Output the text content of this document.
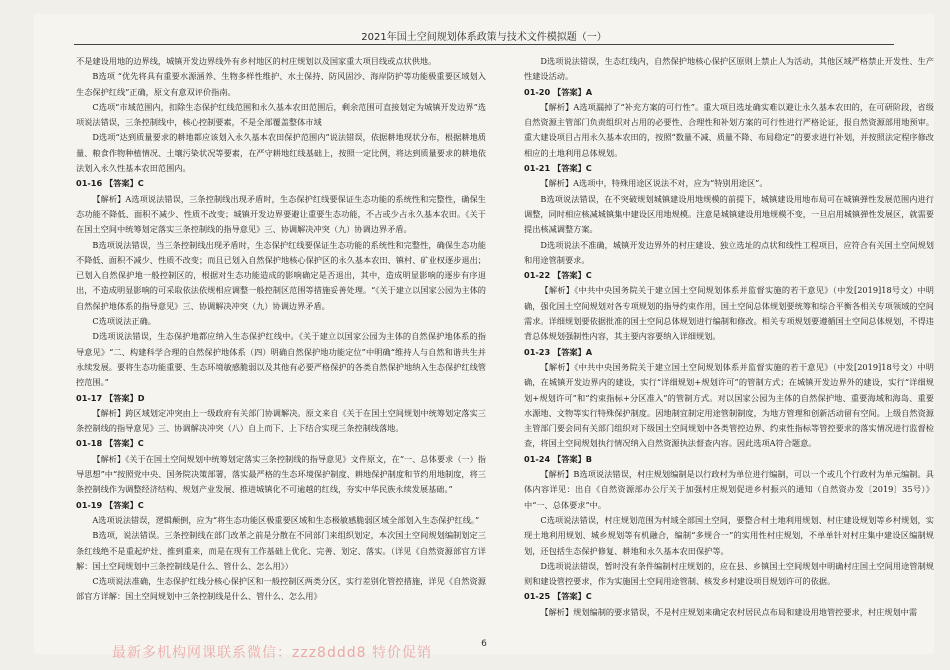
2021年国土空间规划体系政策与技术文件模拟题（一）

不是建设用地的边界线，城镇开发边界线外有乡村地区的村庄规划以及国家重大项目线或点状供地。

B选项 “优先将具有重要水源涵养、生物多样性维护、水土保持、防风固沙、海岸防护等功能极重要区域划入生态保护红线”正确，原文有意双评价指南。

C选项“市域范围内，扣除生态保护红线范围和永久基本农田范围后，剩余范围可直接划定为城镇开发边界”选项说法错误，三条控制线中，核心控制要素，不是全部覆盖整体市域

D选项“达到质量要求的耕地都应该划入永久基本农田保护范围内”说法错误，依据耕地现状分布，根据耕地质量、粮食作物种植情况、土壤污染状况等要素，在严守耕地红线基础上，按照一定比例，将达到质量要求的耕地依法划入永久性基本农田范围内。

01-16 【答案】C

【解析】A选项说法错误，三条控制线出现矛盾时，生态保护红线要保证生态功能的系统性和完整性，确保生态功能不降低、面积不减少、性质不改变；城镇开发边界要避让重要生态功能，不占或少占永久基本农田。《关于在国土空间中统筹划定落实三条控制线的指导意见》三、协调解决冲突（九）协调边界矛盾。

B选项说法错误，当三条控制线出现矛盾时，生态保护红线要保证生态功能的系统性和完整性，确保生态功能不降低、面积不减少、性质不改变；而且已划入自然保护地核心保护区的永久基本农田、镇村、矿业权逐步退出；已划入自然保护地一般控制区的，根据对生态功能造成的影响确定是否退出，其中，造成明显影响的逐步有序退出，不造成明显影响的可采取依法依规相应调整一般控制区范围等措施妥善处理。“《关于建立以国家公园为主体的自然保护地体系的指导意见》三、协调解决冲突（九）协调边界矛盾。

C选项说法正确。

D选项说法错误，生态保护地都应纳入生态保护红线中。《关于建立以国家公园为主体的自然保护地体系的指导意见》“二、构建科学合理的自然保护地体系（四）明确自然保护地功能定位”中明确“维持人与自然和谐共生并永续发展。要将生态功能重要、生态环境敏感脆弱以及其他有必要严格保护的各类自然保护地纳入生态保护红线管控范围。”

01-17 【答案】D

【解析】跨区域划定冲突由上一级政府有关部门协调解决。原文来自《关于在国土空间规划中统筹划定落实三条控制线的指导意见》三、协调解决冲突（八）自上而下、上下结合实现三条控制线落地。

01-18 【答案】C

【解析】《关于在国土空间规划中统筹划定落实三条控制线的指导意见》文件原文，在“一、总体要求（一）指导思想”中“按照党中央、国务院决策部署，落实最严格的生态环境保护制度、耕地保护制度和节约用地制度，将三条控制线作为调整经济结构、规划产业发展、推进城镇化不可逾越的红线，夯实中华民族永续发展基础。”

01-19 【答案】C

A选项说法错误，逻辑颠倒，应为“将生态功能区极重要区域和生态极敏感脆弱区域全部划入生态保护红线。”

B选项，说法错误。三条控制线在部门改革之前是分散在不同部门来组织划定，本次国土空间规划编制划定三条红线绝不是重起炉灶、推到重来，而是在现有工作基础上优化、完善、划定、落实。（详见《自然资源部官方详解：国土空间规划中三条控制线是什么、管什么、怎么用》）

C选项说法准确，生态保护红线分核心保护区和一般控制区两类分区，实行差别化管控措施，详见《自然资源部官方详解：国土空间规划中三条控制线是什么、管什么、怎么用》

D选项说法错误，生态红线内，自然保护地核心保护区原则上禁止人为活动，其他区域严格禁止开发性、生产性建设活动。

01-20 【答案】A

【解析】A选项漏掉了“补充方案的可行性”。重大项目选址确实难以避让永久基本农田的，在可研阶段，省级自然资源主管部门负责组织对占用的必要性、合理性和补划方案的可行性进行严格论证，报自然资源部用地预审。重大建设项目占用永久基本农田的，按照“数量不减、质量不降、布局稳定”的要求进行补划，并按照法定程序修改相应的土地利用总体规划。

01-21 【答案】C

【解析】A选项中，特殊用途区说法不对，应为“特别用途区”。

B选项说法错误，在不突破规划城镇建设用地规模的前提下，城镇建设用地布局可在城镇弹性发展范围内进行调整，同时相应核减城镇集中建设区用地规模。注意是城镇建设用地规模不变，一旦启用城镇弹性发展区，就需要提出核减调整方案。

D选项说法不准确，城镇开发边界外的村庄建设、独立选址的点状和线性工程项目，应符合有关国土空间规划和用途管制要求。

01-22 【答案】C

【解析】《中共中央国务院关于建立国土空间规划体系并监督实施的若干意见》（中发[2019]18号文）中明确，强化国土空间规划对各专项规划的指导约束作用，国土空间总体规划要统筹和综合平衡各相关专项领域的空间需求。详细规划要依据批准的国土空间总体规划进行编制和修改。相关专项规划要遵循国土空间总体规划，不得违背总体规划强制性内容，其主要内容要纳入详细规划。

01-23 【答案】A

【解析】《中共中央国务院关于建立国土空间规划体系并监督实施的若干意见》（中发[2019]18号文）中明确，在城镇开发边界内的建设，实行“详细规划+规划许可”的管制方式；在城镇开发边界外的建设，实行“详细规划+规划许可”和“约束指标+分区准入”的管制方式。对以国家公园为主体的自然保护地、重要海域和海岛、重要水源地、文物等实行特殊保护制度。因地制宜制定用途管制制度，为地方管理和创新活动留有空间。上级自然资源主管部门要会同有关部门组织对下级国土空间规划中各类管控边界、约束性指标等管控要求的落实情况进行监督检查，将国土空间规划执行情况纳入自然资源执法督查内容。因此选项A符合题意。

01-24 【答案】B

【解析】B选项说法错误，村庄规划编制是以行政村为单位进行编制，可以一个或几个行政村为单元编制。具体内容详见：出自《自然资源部办公厅关于加强村庄规划促进乡村振兴的通知（自然资办发〔2019〕35号）》中“一、总体要求”中。

C选项说法错误，村庄规划范围为村域全部国土空间，要整合村土地利用规划、村庄建设规划等乡村规划，实现土地利用规划、城乡规划等有机融合，编制“多规合一”的实用性村庄规划，不单单针对村庄集中建设区编制规划，还包括生态保护修复、耕地和永久基本农田保护等。

D选项说法错误，暂时没有条件编制村庄规划的，应在县、乡镇国土空间规划中明确村庄国土空间用途管制规则和建设管控要求，作为实施国土空间用途管制、核发乡村建设项目规划许可的依据。

01-25 【答案】C

【解析】规划编制的要求错误，不是村庄规划来确定农村居民点布局和建设用地管控要求，村庄规划中需

6
最新多机构网课联系微信：zzz8ddd8 特价促销
